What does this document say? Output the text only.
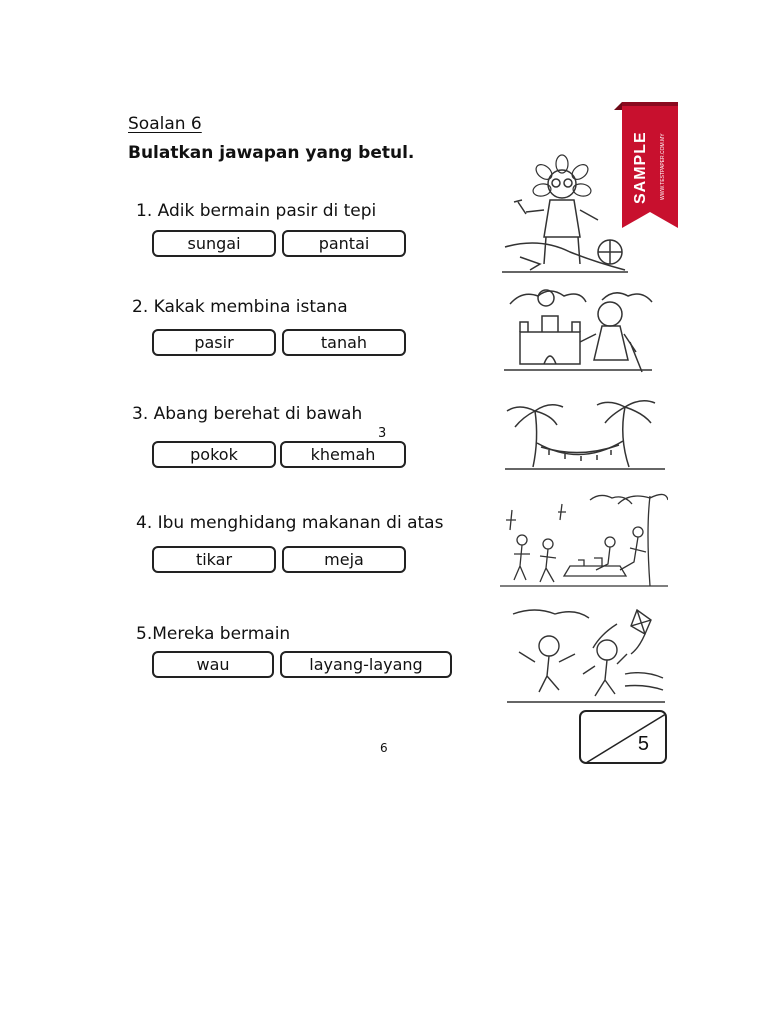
Soalan 6
Bulatkan jawapan yang betul.
1. Adik bermain pasir di tepi
sungai	pantai
2. Kakak membina istana
pasir	tanah
3. Abang berehat di bawah
3
pokok	khemah
4. Ibu menghidang makanan di atas
tikar	meja
5.Mereka bermain
wau	layang-layang
SAMPLE WWW.TESTPAPER.COM.MY
6	5
